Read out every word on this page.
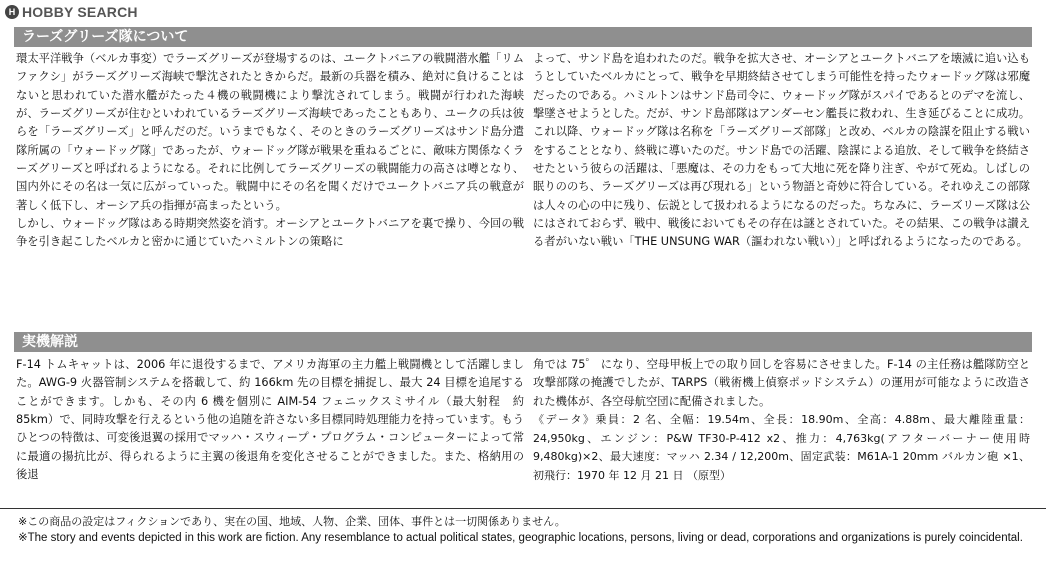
H HOBBY SEARCH
ラーズグリーズ隊について

環太平洋戦争（ベルカ事変）でラーズグリーズが登場するのは、ユークトバニアの戦闘潜水艦「リムファクシ」がラーズグリーズ海峡で撃沈されたときからだ。最新の兵器を積み、絶対に負けることはないと思われていた潜水艦がたった４機の戦闘機により撃沈されてしまう。戦闘が行われた海峡が、ラーズグリーズが住むといわれているラーズグリーズ海峡であったこともあり、ユークの兵は彼らを「ラーズグリーズ」と呼んだのだ。いうまでもなく、そのときのラーズグリーズはサンド島分遣隊所属の「ウォードッグ隊」であったが、ウォードッグ隊が戦果を重ねるごとに、敵味方関係なくラーズグリーズと呼ばれるようになる。それに比例してラーズグリーズの戦闘能力の高さは噂となり、国内外にその名は一気に広がっていった。戦闘中にその名を聞くだけでユークトバニア兵の戦意が著しく低下し、オーシア兵の指揮が高まったという。

しかし、ウォードッグ隊はある時期突然姿を消す。オーシアとユークトバニアを裏で操り、今回の戦争を引き起こしたベルカと密かに通じていたハミルトンの策略に

よって、サンド島を追われたのだ。戦争を拡大させ、オーシアとユークトバニアを壊滅に追い込もうとしていたベルカにとって、戦争を早期終結させてしまう可能性を持ったウォードッグ隊は邪魔だったのである。ハミルトンはサンド島司令に、ウォードッグ隊がスパイであるとのデマを流し、撃墜させようとした。だが、サンド島部隊はアンダーセン艦長に救われ、生き延びることに成功。これ以降、ウォードッグ隊は名称を「ラーズグリーズ部隊」と改め、ベルカの陰謀を阻止する戦いをすることとなり、終戦に導いたのだ。サンド島での活躍、陰謀による追放、そして戦争を終結させたという彼らの活躍は、「悪魔は、その力をもって大地に死を降り注ぎ、やがて死ぬ。しばしの眠りののち、ラーズグリーズは再び現れる」という物語と奇妙に符合している。それゆえこの部隊は人々の心の中に残り、伝説として扱われるようになるのだった。ちなみに、ラーズリーズ隊は公にはされておらず、戦中、戦後においてもその存在は謎とされていた。その結果、この戦争は讃える者がいない戦い「THE UNSUNG WAR（謳われない戦い）」と呼ばれるようになったのである。

実機解説

F-14 トムキャットは、2006 年に退役するまで、アメリカ海軍の主力艦上戦闘機として活躍しました。AWG-9 火器管制システムを搭載して、約 166km 先の目標を捕捉し、最大 24 目標を追尾することができます。しかも、その内 6 機を個別に AIM-54 フェニックスミサイル（最大射程　約 85km）で、同時攻撃を行えるという他の追随を許さない多目標同時処理能力を持っています。もうひとつの特徴は、可変後退翼の採用でマッハ・スウィープ・プログラム・コンピューターによって常に最適の揚抗比が、得られるように主翼の後退角を変化させることができました。また、格納用の後退

角では 75゜ になり、空母甲板上での取り回しを容易にさせました。F-14 の主任務は艦隊防空と攻撃部隊の掩護でしたが、TARPS（戦術機上偵察ポッドシステム）の運用が可能なように改造された機体が、各空母航空団に配備されました。

《データ》乗員：2 名、全幅：19.54m、全長：18.90m、全高：4.88m、最大離陸重量：24,950kg、エンジン：P&W TF30-P-412 x2、推力：4,763kg(アフターバーナー使用時 9,480kg)×2、最大速度：マッハ 2.34 / 12,200m、固定武装：M61A-1 20mm バルカン砲 ×1、初飛行：1970 年 12 月 21 日 （原型）

※この商品の設定はフィクションであり、実在の国、地域、人物、企業、団体、事件とは一切関係ありません。

※The story and events depicted in this work are fiction. Any resemblance to actual political states, geographic locations, persons, living or dead, corporations and organizations is purely coincidental.
